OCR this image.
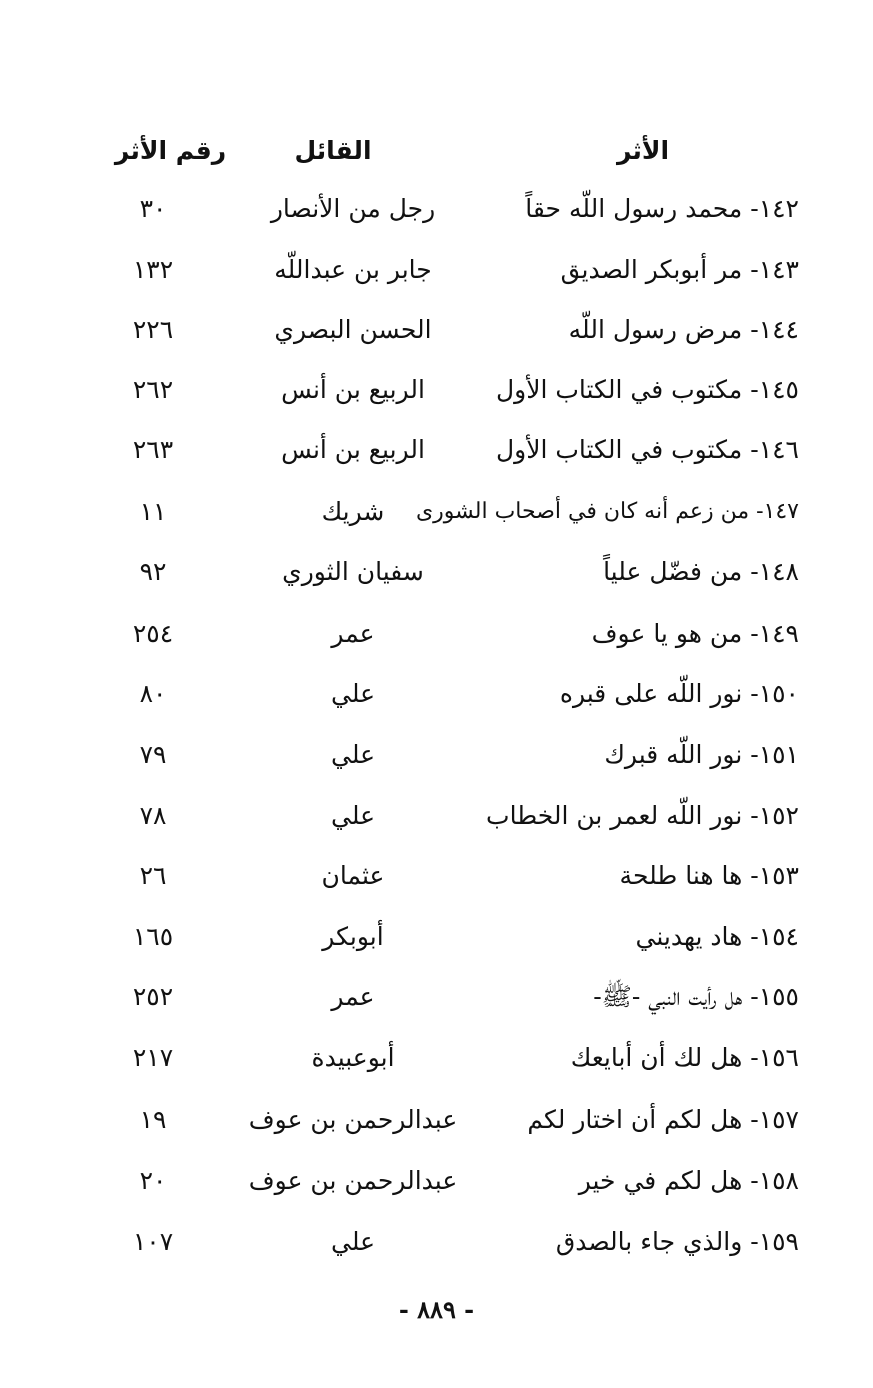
الأثر
القائل
رقم الأثر
١٤٢- محمد رسول اللّه حقاً
رجل من الأنصار
٣٠
١٤٣- مر أبوبكر الصديق
جابر بن عبداللّه
١٣٢
١٤٤- مرض رسول اللّه
الحسن البصري
٢٢٦
١٤٥- مكتوب في الكتاب الأول
الربيع بن أنس
٢٦٢
١٤٦- مكتوب في الكتاب الأول
الربيع بن أنس
٢٦٣
١٤٧- من زعم أنه كان في أصحاب الشورى
شريك
١١
١٤٨- من فضّل علياً
سفيان الثوري
٩٢
١٤٩- من هو يا عوف
عمر
٢٥٤
١٥٠- نور اللّه على قبره
علي
٨٠
١٥١- نور اللّه قبرك
علي
٧٩
١٥٢- نور اللّه لعمر بن الخطاب
علي
٧٨
١٥٣- ها هنا طلحة
عثمان
٢٦
١٥٤- هاد يهديني
أبوبكر
١٦٥
١٥٥- هل رأيت النبي -ﷺ-
عمر
٢٥٢
١٥٦- هل لك أن أبايعك
أبوعبيدة
٢١٧
١٥٧- هل لكم أن اختار لكم
عبدالرحمن بن عوف
١٩
١٥٨- هل لكم في خير
عبدالرحمن بن عوف
٢٠
١٥٩- والذي جاء بالصدق
علي
١٠٧
- ٨٨٩ -
